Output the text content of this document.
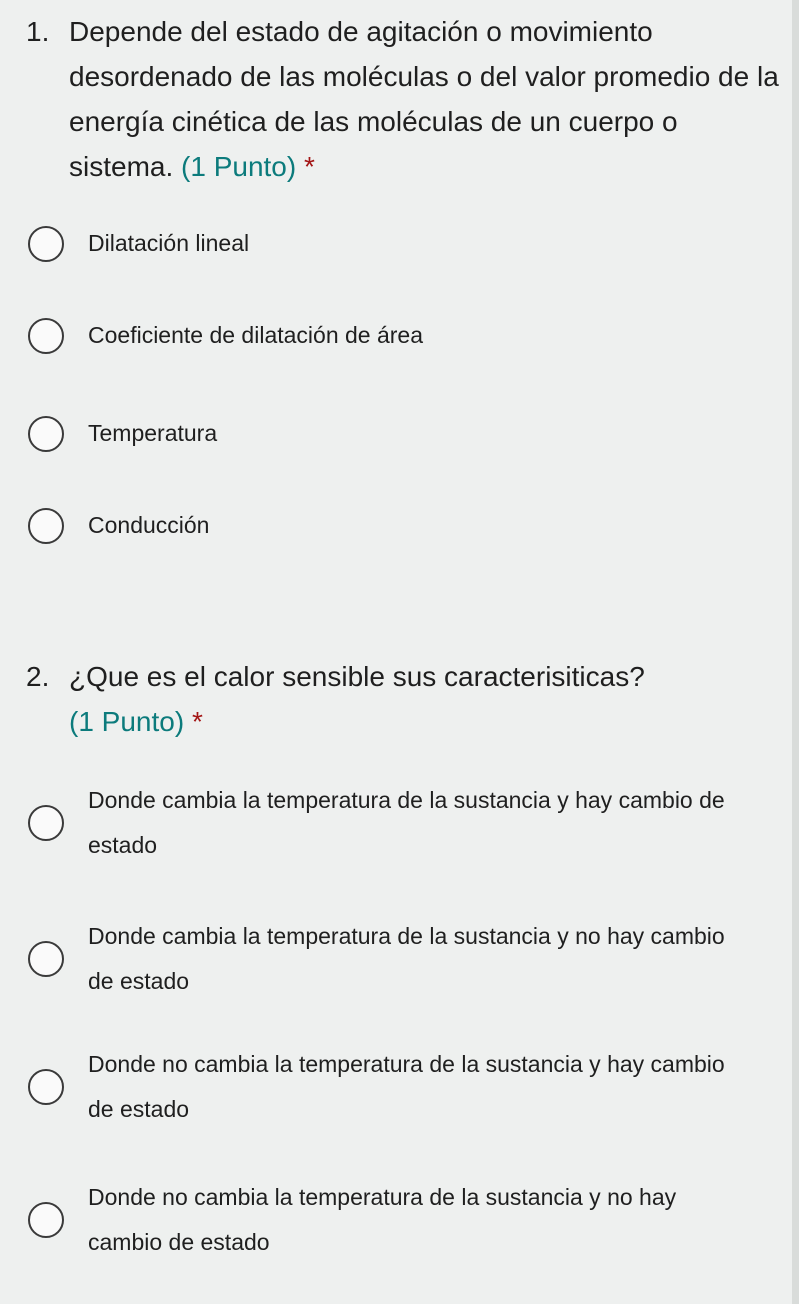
1. Depende del estado de agitación o movimiento desordenado de las moléculas o del valor promedio de la energía cinética de las moléculas de un cuerpo o sistema. (1 Punto) *
Dilatación lineal
Coeficiente de dilatación de área
Temperatura
Conducción
2. ¿Que es el calor sensible sus caracterisiticas?
(1 Punto) *
Donde cambia la temperatura de la sustancia y hay cambio de estado
Donde cambia la temperatura de la sustancia y no hay cambio de estado
Donde no cambia la temperatura de la sustancia y hay cambio de estado
Donde no cambia la temperatura de la sustancia y no hay cambio de estado
